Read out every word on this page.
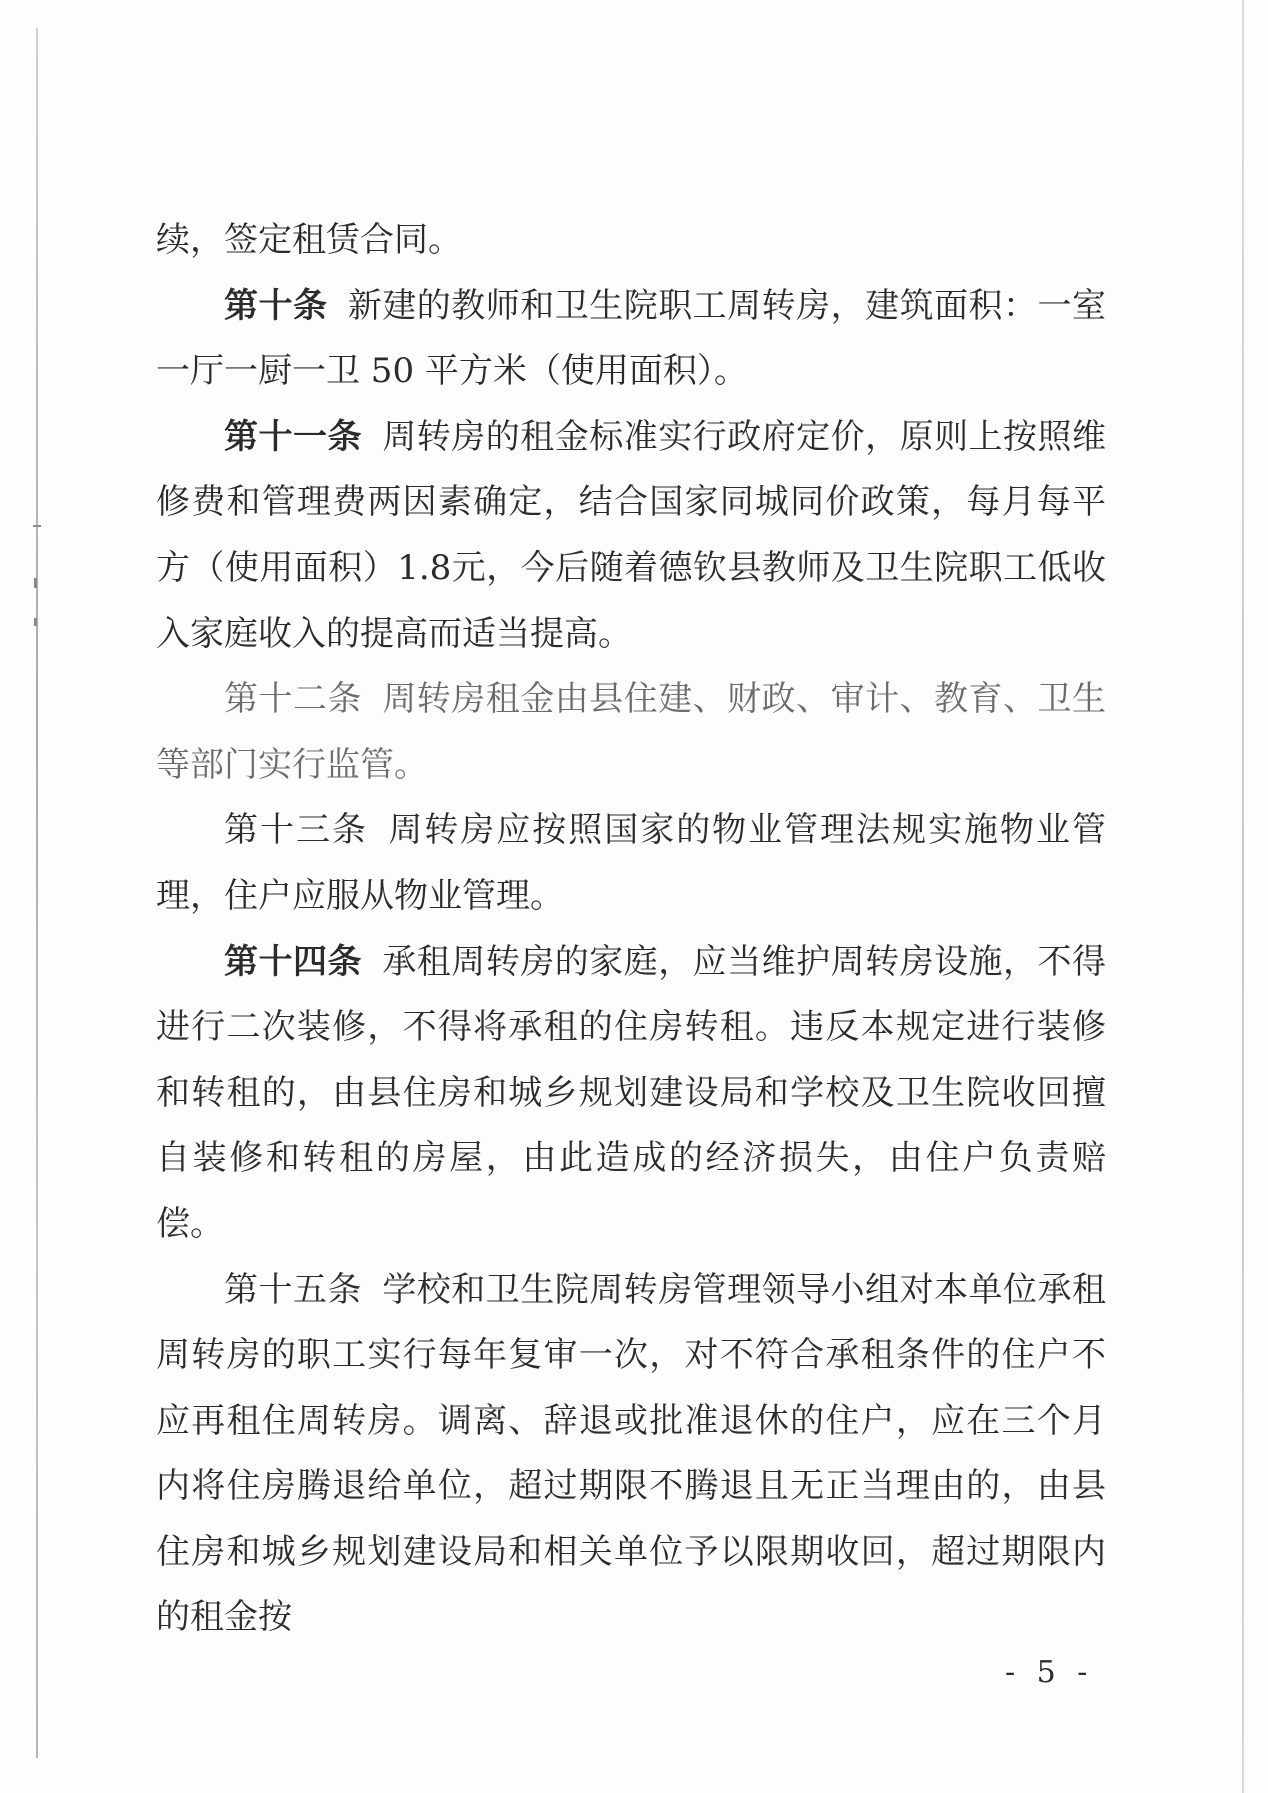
续，签定租赁合同。

第十条 新建的教师和卫生院职工周转房，建筑面积：一室一厅一厨一卫 50 平方米（使用面积）。

第十一条 周转房的租金标准实行政府定价，原则上按照维修费和管理费两因素确定，结合国家同城同价政策，每月每平方（使用面积）1.8元，今后随着德钦县教师及卫生院职工低收入家庭收入的提高而适当提高。

第十二条 周转房租金由县住建、财政、审计、教育、卫生等部门实行监管。

第十三条 周转房应按照国家的物业管理法规实施物业管理，住户应服从物业管理。

第十四条 承租周转房的家庭，应当维护周转房设施，不得进行二次装修，不得将承租的住房转租。违反本规定进行装修和转租的，由县住房和城乡规划建设局和学校及卫生院收回擅自装修和转租的房屋，由此造成的经济损失，由住户负责赔偿。

第十五条 学校和卫生院周转房管理领导小组对本单位承租周转房的职工实行每年复审一次，对不符合承租条件的住户不应再租住周转房。调离、辞退或批准退休的住户，应在三个月内将住房腾退给单位，超过期限不腾退且无正当理由的，由县住房和城乡规划建设局和相关单位予以限期收回，超过期限内的租金按

- 5 -
